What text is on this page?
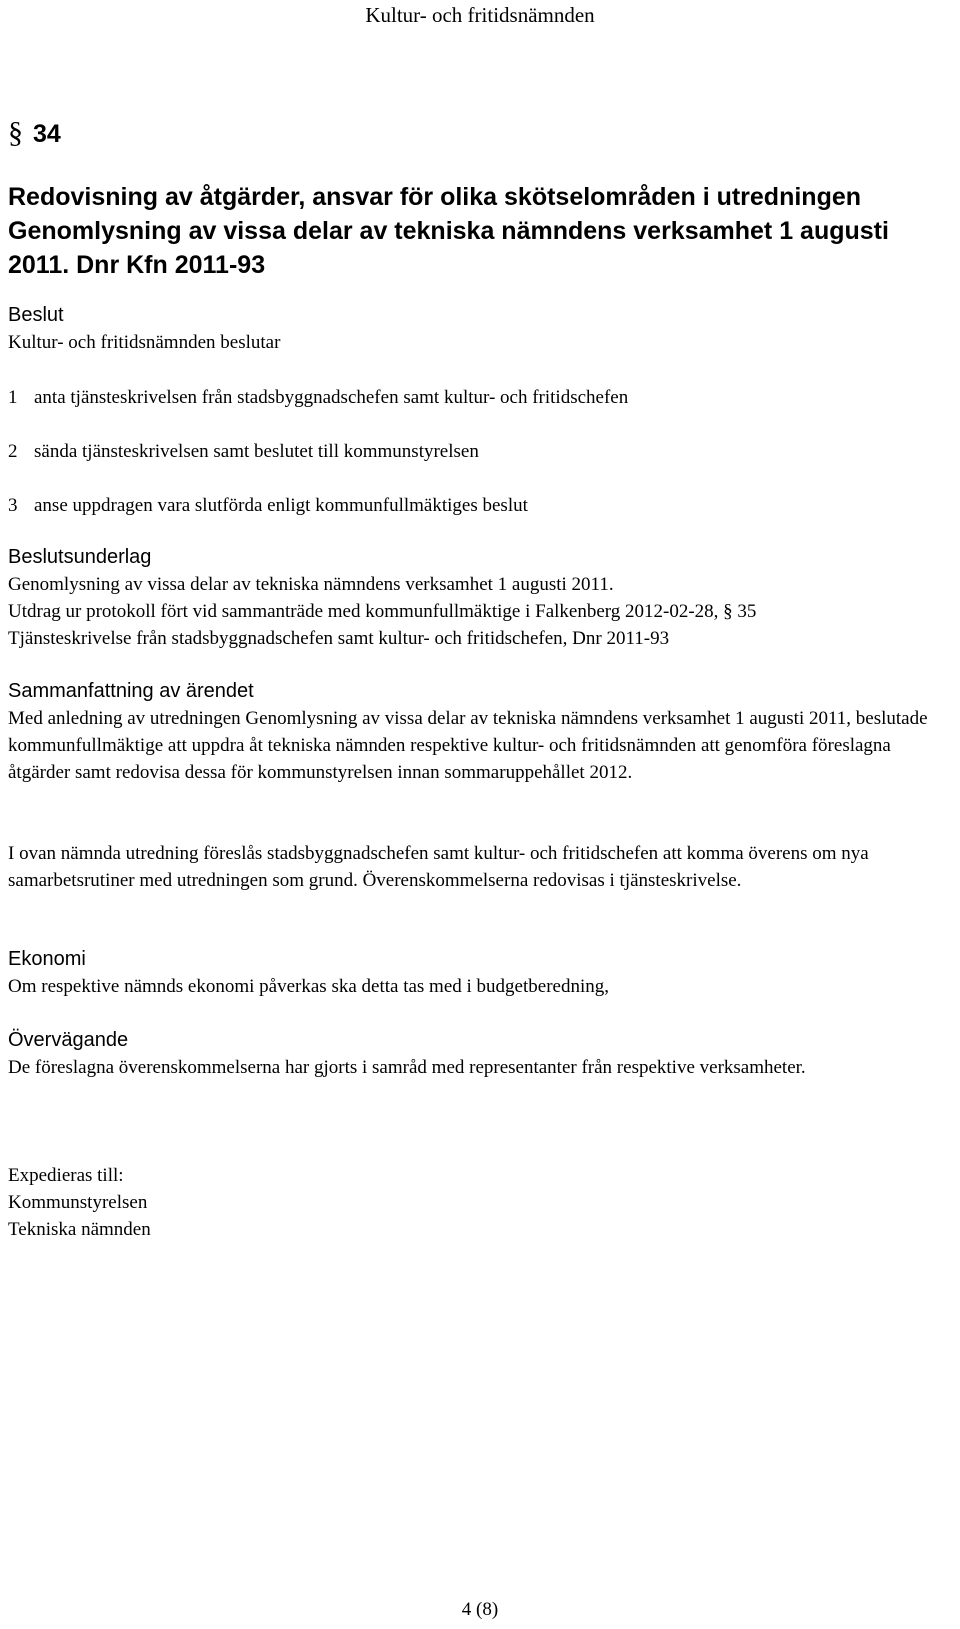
Kultur- och fritidsnämnden
§ 34
Redovisning av åtgärder, ansvar för olika skötselområden i utredningen Genomlysning av vissa delar av tekniska nämndens verksamhet 1 augusti 2011. Dnr Kfn 2011-93
Beslut
Kultur- och fritidsnämnden beslutar
1 anta tjänsteskrivelsen från stadsbyggnadschefen samt kultur- och fritidschefen
2 sända tjänsteskrivelsen samt beslutet till kommunstyrelsen
3 anse uppdragen vara slutförda enligt kommunfullmäktiges beslut
Beslutsunderlag
Genomlysning av vissa delar av tekniska nämndens verksamhet 1 augusti 2011.
Utdrag ur protokoll fört vid sammanträde med kommunfullmäktige i Falkenberg 2012-02-28, § 35
Tjänsteskrivelse från stadsbyggnadschefen samt kultur- och fritidschefen, Dnr 2011-93
Sammanfattning av ärendet
Med anledning av utredningen Genomlysning av vissa delar av tekniska nämndens verksamhet 1 augusti 2011, beslutade kommunfullmäktige att uppdra åt tekniska nämnden respektive kultur- och fritidsnämnden att genomföra föreslagna åtgärder samt redovisa dessa för kommunstyrelsen innan sommaruppehållet 2012.
I ovan nämnda utredning föreslås stadsbyggnadschefen samt kultur- och fritidschefen att komma överens om nya samarbetsrutiner med utredningen som grund. Överenskommelserna redovisas i tjänsteskrivelse.
Ekonomi
Om respektive nämnds ekonomi påverkas ska detta tas med i budgetberedning,
Övervägande
De föreslagna överenskommelserna har gjorts i samråd med representanter från respektive verksamheter.
Expedieras till:
Kommunstyrelsen
Tekniska nämnden
4 (8)
